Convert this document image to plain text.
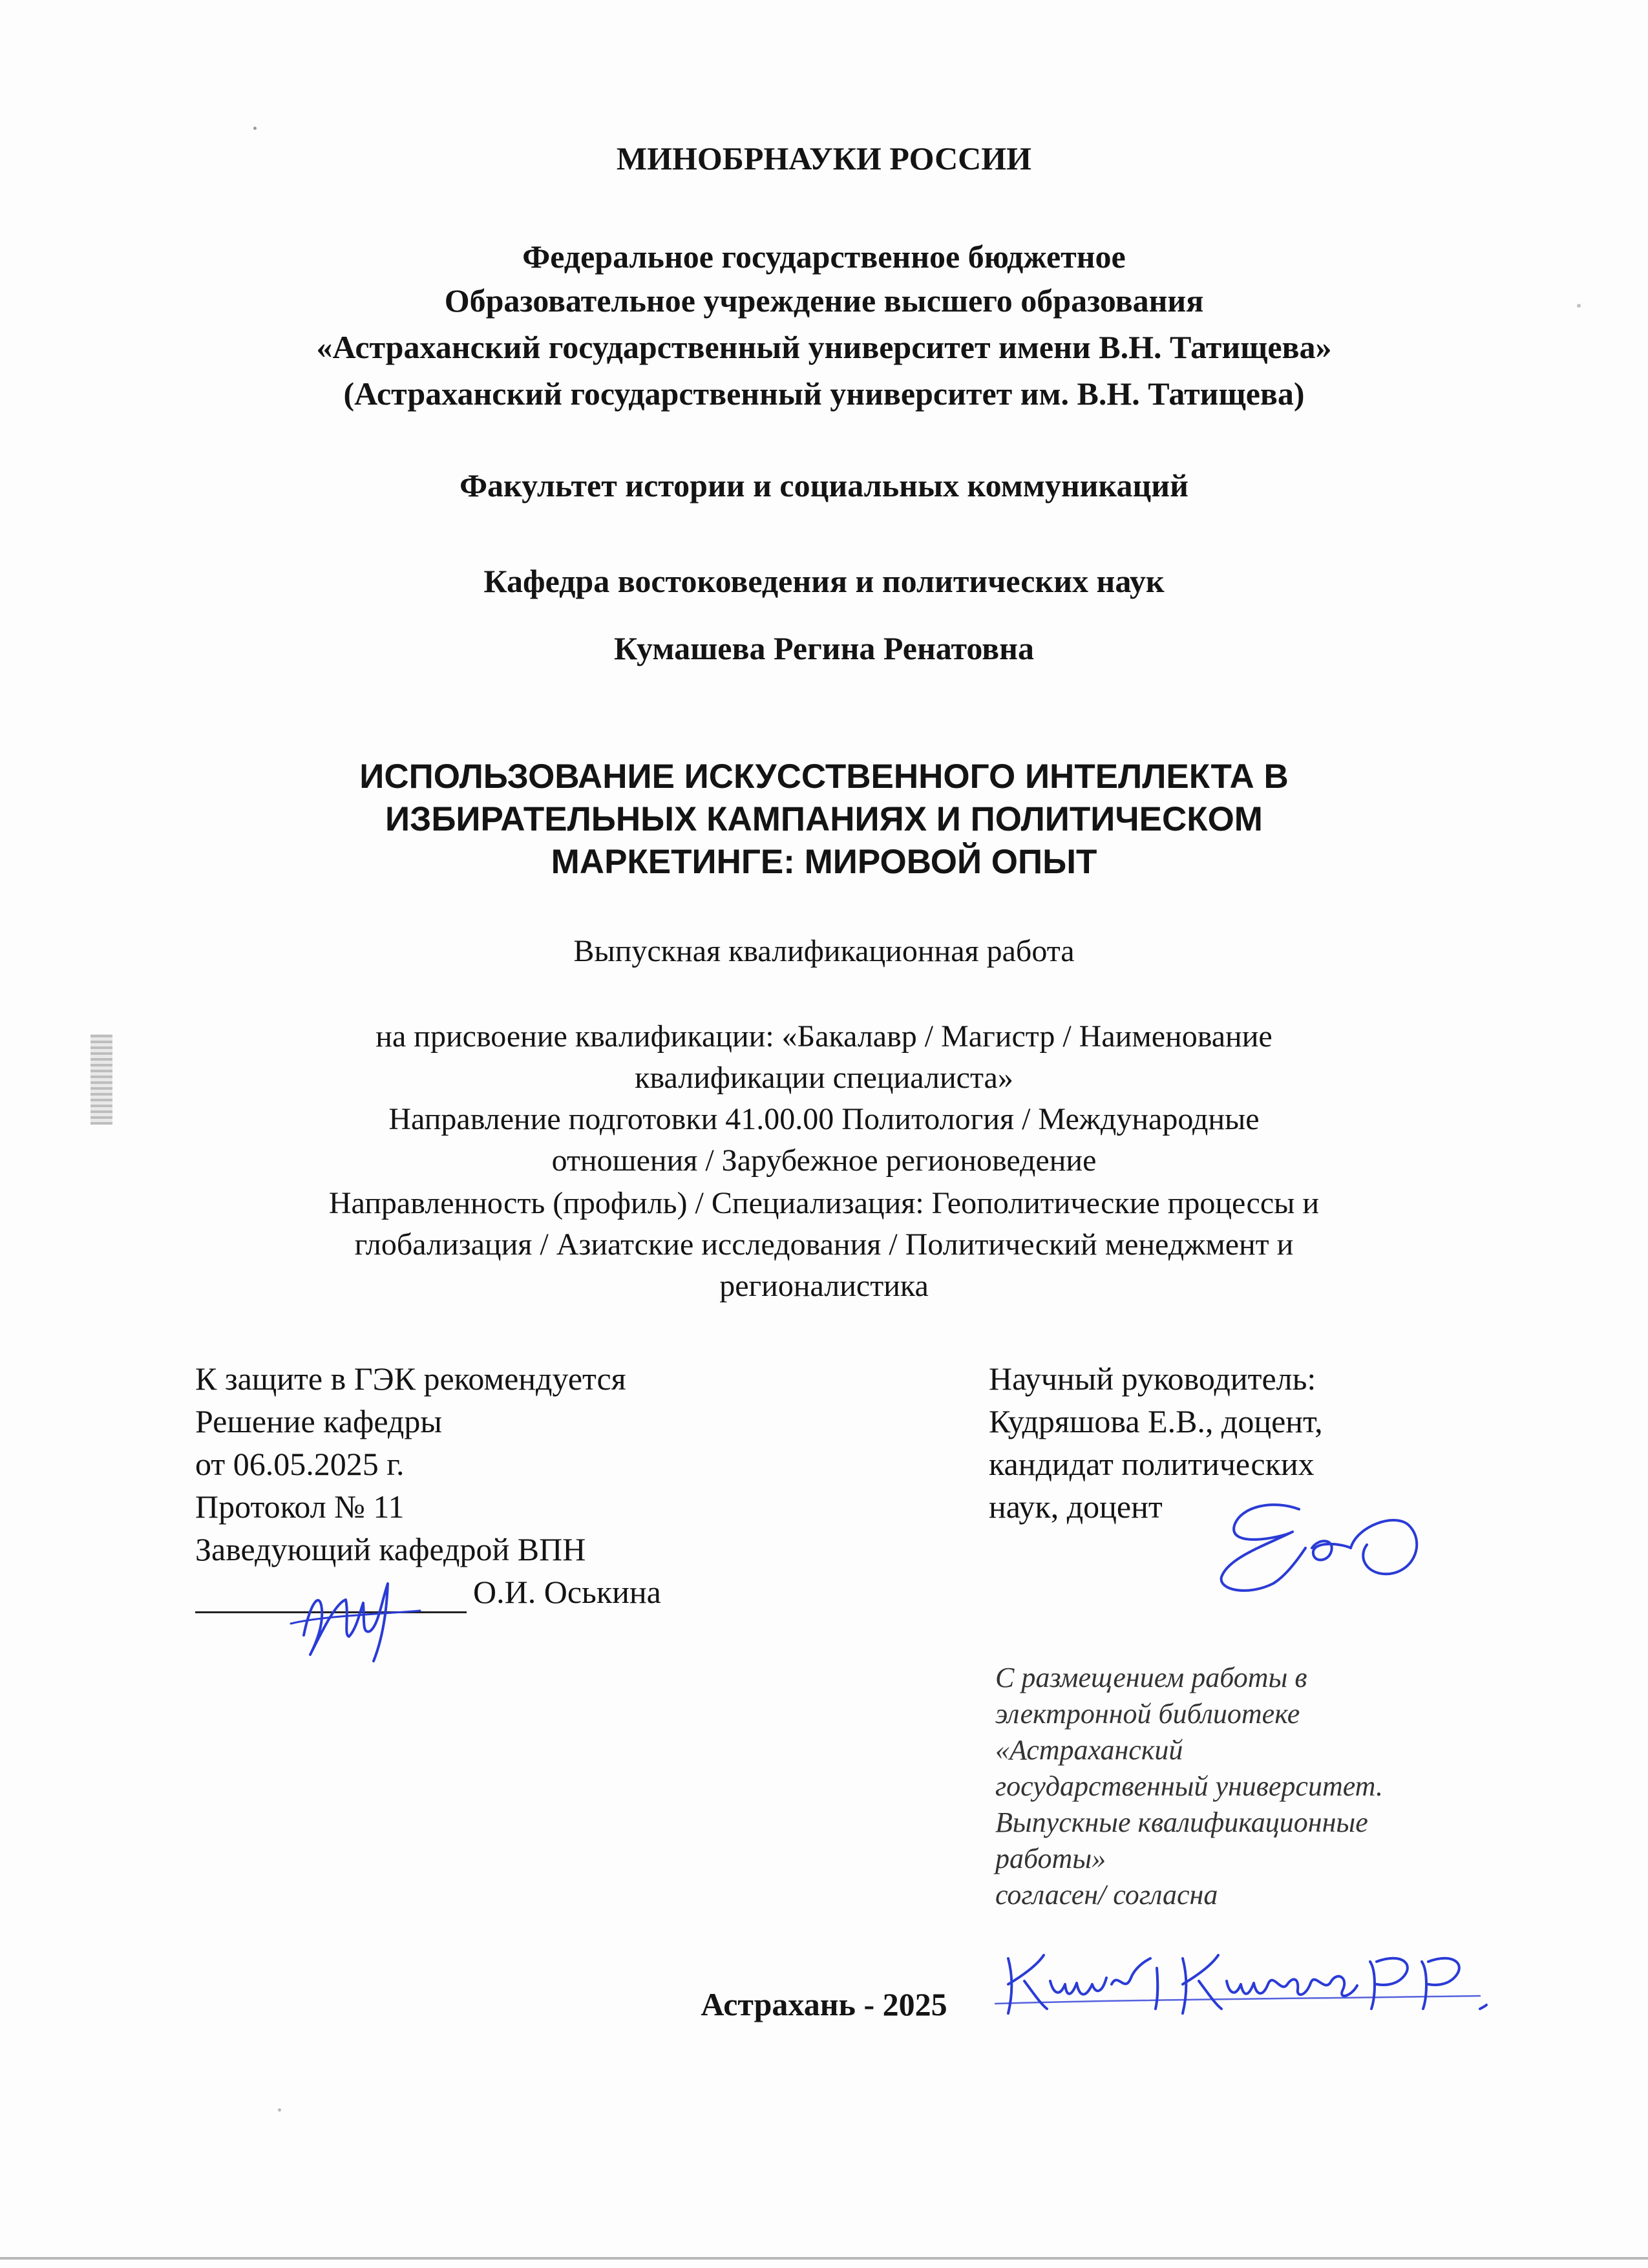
МИНОБРНАУКИ РОССИИ
Федеральное государственное бюджетное
Образовательное учреждение высшего образования
«Астраханский государственный университет имени В.Н. Татищева»
(Астраханский государственный университет им. В.Н. Татищева)
Факультет истории и социальных коммуникаций
Кафедра востоковедения и политических наук
Кумашева Регина Ренатовна
ИСПОЛЬЗОВАНИЕ ИСКУССТВЕННОГО ИНТЕЛЛЕКТА В
ИЗБИРАТЕЛЬНЫХ КАМПАНИЯХ И ПОЛИТИЧЕСКОМ
МАРКЕТИНГЕ: МИРОВОЙ ОПЫТ
Выпускная квалификационная работа
на присвоение квалификации: «Бакалавр / Магистр / Наименование
квалификации специалиста»
Направление подготовки 41.00.00 Политология / Международные
отношения / Зарубежное регионоведение
Направленность (профиль) / Специализация: Геополитические процессы и
глобализация / Азиатские исследования / Политический менеджмент и
регионалистика
К защите в ГЭК рекомендуется
Решение кафедры
от 06.05.2025 г.
Протокол № 11
Заведующий кафедрой ВПН
О.И. Оськина
Научный руководитель:
Кудряшова Е.В., доцент,
кандидат политических
наук, доцент
С размещением работы в
электронной библиотеке
«Астраханский
государственный университет.
Выпускные квалификационные
работы»
согласен/ согласна
Астрахань - 2025
